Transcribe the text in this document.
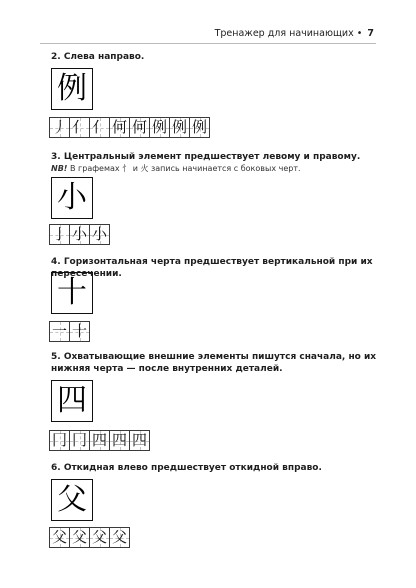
Тренажер для начинающих • 7
2. Слева направо.
例
丿 亻 亻 何 何 例 例 例
3. Центральный элемент предшествует левому и правому.
NB! В графемах 忄 и 火 запись начинается с боковых черт.
小
亅 小 小
4. Горизонтальная черта предшествует вертикальной при их пересечении.
十
一 十
5. Охватывающие внешние элементы пишутся сначала, но их нижняя черта — после внутренних деталей.
四
冂 冂 四 四 四
6. Откидная влево предшествует откидной вправо.
父
父 父 父 父
